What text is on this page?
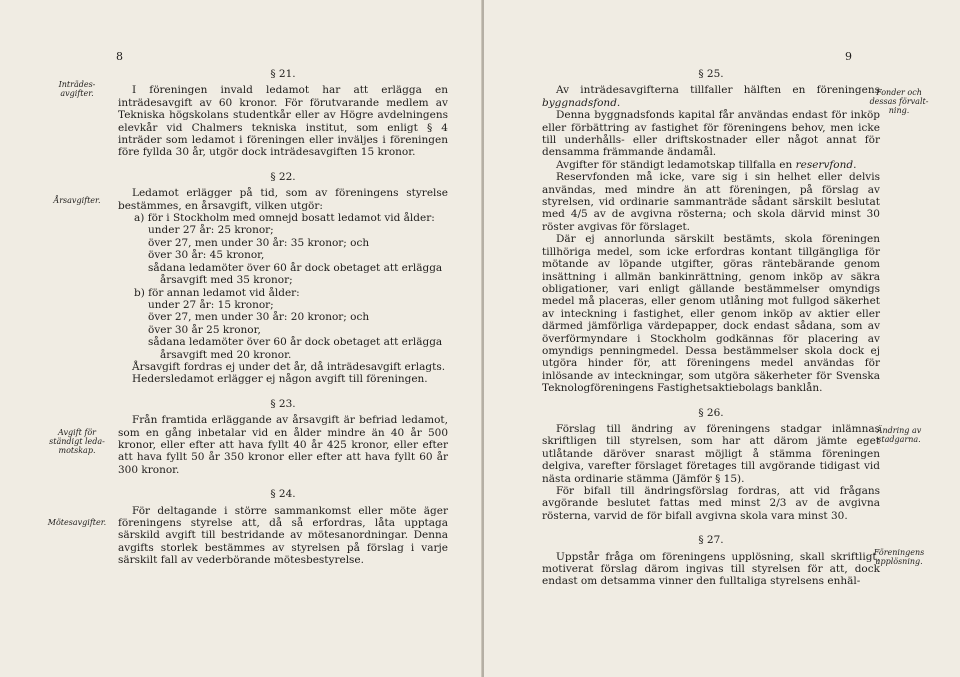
8
Inträdes-
avgifter.
Årsavgifter.
Avgift för
ständigt leda-
motskap.
Mötesavgifter.
§ 21.

I föreningen invald ledamot har att erlägga en inträdesavgift av 60 kronor. För förutvarande medlem av Tekniska högskolans studentkår eller av Högre avdelningens elevkår vid Chalmers tekniska institut, som enligt § 4 inträder som ledamot i föreningen eller inväljes i föreningen före fyllda 30 år, utgör dock inträdesavgiften 15 kronor.

§ 22.

Ledamot erlägger på tid, som av föreningens styrelse bestämmes, en årsavgift, vilken utgör:

a) för i Stockholm med omnejd bosatt ledamot vid ålder:

under 27 år: 25 kronor;

över 27, men under 30 år: 35 kronor; och

över 30 år: 45 kronor,

sådana ledamöter över 60 år dock obetaget att erlägga årsavgift med 35 kronor;

b) för annan ledamot vid ålder:

under 27 år: 15 kronor;

över 27, men under 30 år: 20 kronor; och

över 30 år 25 kronor,

sådana ledamöter över 60 år dock obetaget att erlägga årsavgift med 20 kronor.

Årsavgift fordras ej under det år, då inträdesavgift erlagts.

Hedersledamot erlägger ej någon avgift till föreningen.

§ 23.

Från framtida erläggande av årsavgift är befriad ledamot, som en gång inbetalar vid en ålder mindre än 40 år 500 kronor, eller efter att hava fyllt 40 år 425 kronor, eller efter att hava fyllt 50 år 350 kronor eller efter att hava fyllt 60 år 300 kronor.

§ 24.

För deltagande i större sammankomst eller möte äger föreningens styrelse att, då så erfordras, låta upptaga särskild avgift till bestridande av mötesanordningar. Denna avgifts storlek bestämmes av styrelsen på förslag i varje särskilt fall av vederbörande mötesbestyrelse.

9
Fonder och
dessas förvalt-
ning.
Ändring av
stadgarna.
Föreningens
upplösning.
§ 25.

Av inträdesavgifterna tillfaller hälften en föreningens byggnadsfond.

Denna byggnadsfonds kapital får användas endast för inköp eller förbättring av fastighet för föreningens behov, men icke till underhålls- eller driftskostnader eller något annat för densamma främmande ändamål.

Avgifter för ständigt ledamotskap tillfalla en reservfond.

Reservfonden må icke, vare sig i sin helhet eller delvis användas, med mindre än att föreningen, på förslag av styrelsen, vid ordinarie sammanträde sådant särskilt beslutat med 4/5 av de avgivna rösterna; och skola därvid minst 30 röster avgivas för förslaget.

Där ej annorlunda särskilt bestämts, skola föreningen tillhöriga medel, som icke erfordras kontant tillgängliga för mötande av löpande utgifter, göras räntebärande genom insättning i allmän bankinrättning, genom inköp av säkra obligationer, vari enligt gällande bestämmelser omyndigs medel må placeras, eller genom utlåning mot fullgod säkerhet av inteckning i fastighet, eller genom inköp av aktier eller därmed jämförliga värdepapper, dock endast sådana, som av överförmyndare i Stockholm godkännas för placering av omyndigs penningmedel. Dessa bestämmelser skola dock ej utgöra hinder för, att föreningens medel användas för inlösande av inteckningar, som utgöra säkerheter för Svenska Teknologföreningens Fastighetsaktiebolags banklån.

§ 26.

Förslag till ändring av föreningens stadgar inlämnas skriftligen till styrelsen, som har att därom jämte eget utlåtande däröver snarast möjligt å stämma föreningen delgiva, varefter förslaget företages till avgörande tidigast vid nästa ordinarie stämma (Jämför § 15).

För bifall till ändringsförslag fordras, att vid frågans avgörande beslutet fattas med minst 2/3 av de avgivna rösterna, varvid de för bifall avgivna skola vara minst 30.

§ 27.

Uppstår fråga om föreningens upplösning, skall skriftligt, motiverat förslag därom ingivas till styrelsen för att, dock endast om detsamma vinner den fulltaliga styrelsens enhäl-
